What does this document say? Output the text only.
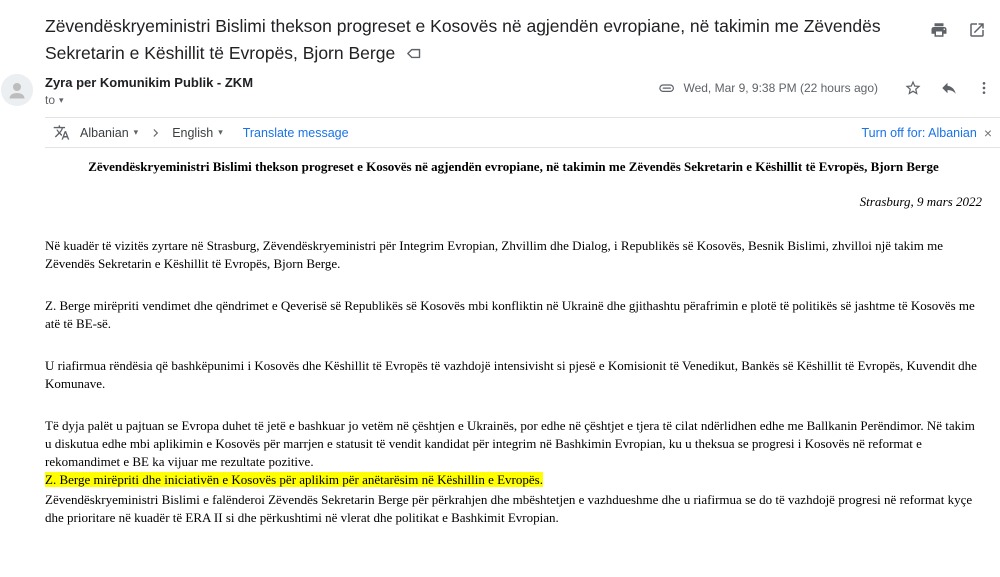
Zëvendëskryeministri Bislimi thekson progreset e Kosovës në agjendën evropiane, në takimin me Zëvendës Sekretarin e Këshillit të Evropës, Bjorn Berge
Zyra per Komunikim Publik - ZKM
to ▾
Wed, Mar 9, 9:38 PM (22 hours ago)
Albanian ▾	English ▾ Translate message	Turn off for: Albanian ×

Zëvendëskryeministri Bislimi thekson progreset e Kosovës në agjendën evropiane, në takimin me Zëvendës Sekretarin e Këshillit të Evropës, Bjorn Berge

Strasburg, 9 mars 2022

Në kuadër të vizitës zyrtare në Strasburg, Zëvendëskryeministri për Integrim Evropian, Zhvillim dhe Dialog, i Republikës së Kosovës, Besnik Bislimi, zhvilloi një takim me Zëvendës Sekretarin e Këshillit të Evropës, Bjorn Berge.

Z. Berge mirëpriti vendimet dhe qëndrimet e Qeverisë së Republikës së Kosovës mbi konfliktin në Ukrainë dhe gjithashtu përafrimin e plotë të politikës së jashtme të Kosovës me atë të BE-së.

U riafirmua rëndësia që bashkëpunimi i Kosovës dhe Këshillit të Evropës të vazhdojë intensivisht si pjesë e Komisionit të Venedikut, Bankës së Këshillit të Evropës, Kuvendit dhe Komunave.

Të dyja palët u pajtuan se Evropa duhet të jetë e bashkuar jo vetëm në çështjen e Ukrainës, por edhe në çështjet e tjera të cilat ndërlidhen edhe me Ballkanin Perëndimor. Në takim u diskutua edhe mbi aplikimin e Kosovës për marrjen e statusit të vendit kandidat për integrim në Bashkimin Evropian, ku u theksua se progresi i Kosovës në reformat e rekomandimet e BE ka vijuar me rezultate pozitive.

Z. Berge mirëpriti dhe iniciativën e Kosovës për aplikim për anëtarësim në Këshillin e Evropës.

Zëvendëskryeministri Bislimi e falënderoi Zëvendës Sekretarin Berge për përkrahjen dhe mbështetjen e vazhdueshme dhe u riafirmua se do të vazhdojë progresi në reformat kyçe dhe prioritare në kuadër të ERA II si dhe përkushtimi në vlerat dhe politikat e Bashkimit Evropian.
